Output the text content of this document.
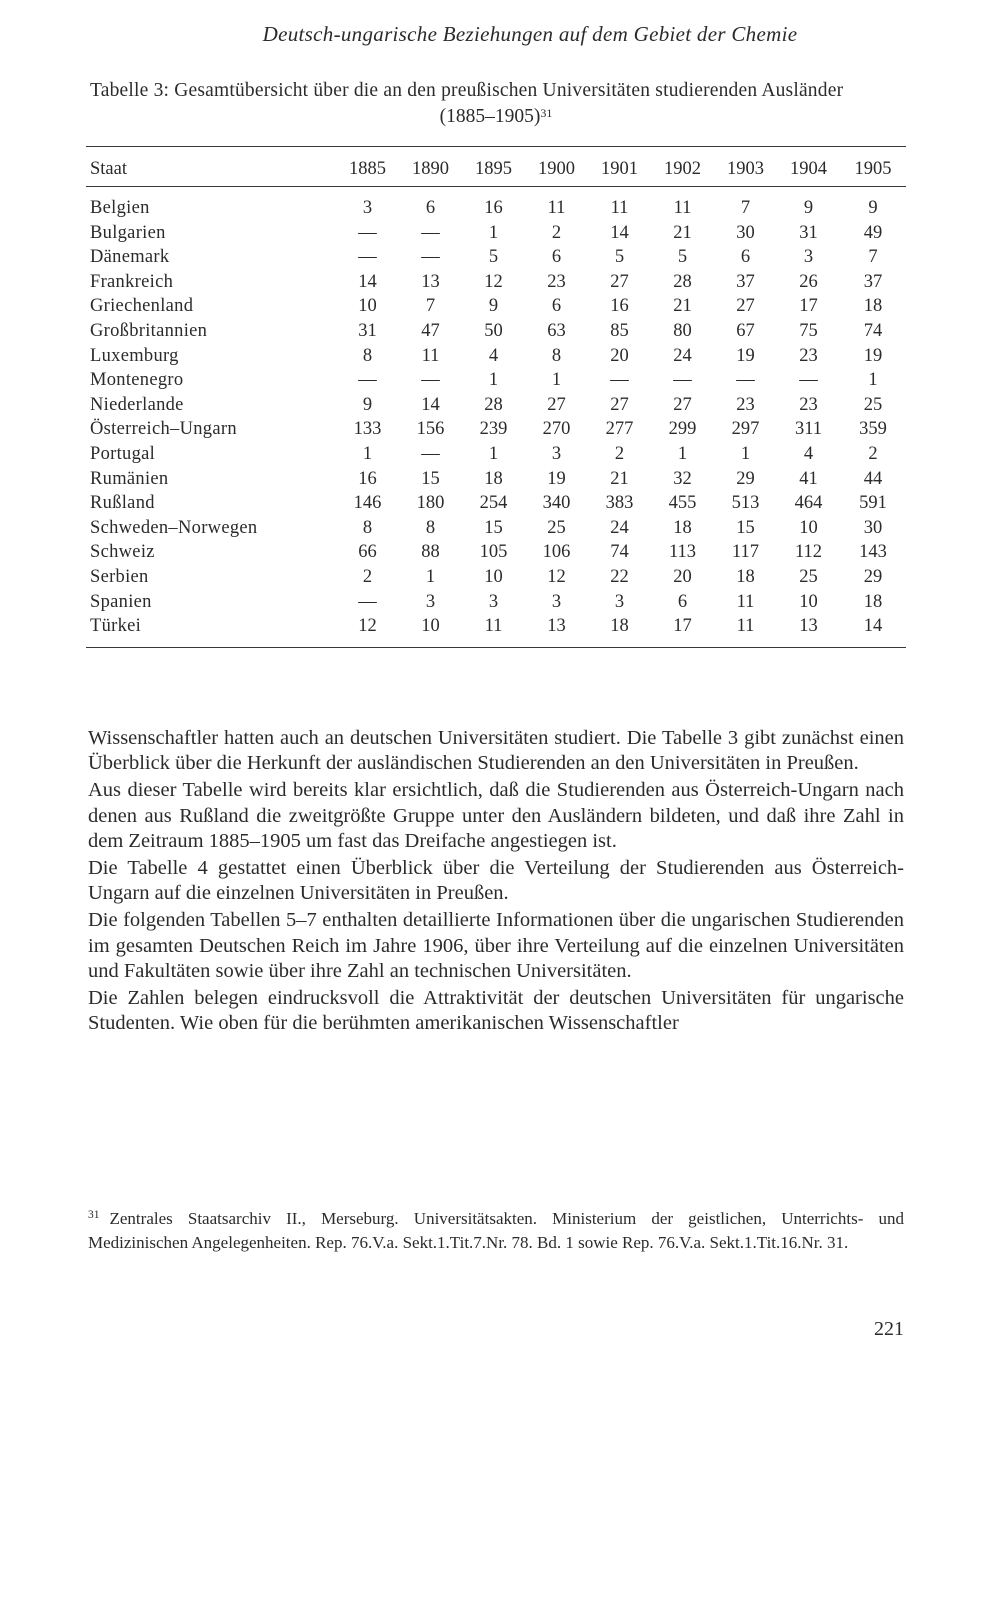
Deutsch-ungarische Beziehungen auf dem Gebiet der Chemie
Tabelle 3: Gesamtübersicht über die an den preußischen Universitäten studierenden Ausländer
(1885–1905)$^{31}$
Staat	1885	1890	1895	1900	1901	1902	1903	1904	1905
Belgien	3	6	16	11	11	11	7	9	9
Bulgarien	—	—	1	2	14	21	30	31	49
Dänemark	—	—	5	6	5	5	6	3	7
Frankreich	14	13	12	23	27	28	37	26	37
Griechenland	10	7	9	6	16	21	27	17	18
Großbritannien	31	47	50	63	85	80	67	75	74
Luxemburg	8	11	4	8	20	24	19	23	19
Montenegro	—	—	1	1	—	—	—	—	1
Niederlande	9	14	28	27	27	27	23	23	25
Österreich–Ungarn	133	156	239	270	277	299	297	311	359
Portugal	1	—	1	3	2	1	1	4	2
Rumänien	16	15	18	19	21	32	29	41	44
Rußland	146	180	254	340	383	455	513	464	591
Schweden–Norwegen	8	8	15	25	24	18	15	10	30
Schweiz	66	88	105	106	74	113	117	112	143
Serbien	2	1	10	12	22	20	18	25	29
Spanien	—	3	3	3	3	6	11	10	18
Türkei	12	10	11	13	18	17	11	13	14

Wissenschaftler hatten auch an deutschen Universitäten studiert. Die Tabelle 3 gibt zunächst einen Überblick über die Herkunft der ausländischen Studierenden an den Universitäten in Preußen.

Aus dieser Tabelle wird bereits klar ersichtlich, daß die Studierenden aus Österreich-Ungarn nach denen aus Rußland die zweitgrößte Gruppe unter den Ausländern bildeten, und daß ihre Zahl in dem Zeitraum 1885–1905 um fast das Dreifache angestiegen ist.

Die Tabelle 4 gestattet einen Überblick über die Verteilung der Studierenden aus Österreich-Ungarn auf die einzelnen Universitäten in Preußen.

Die folgenden Tabellen 5–7 enthalten detaillierte Informationen über die ungarischen Studierenden im gesamten Deutschen Reich im Jahre 1906, über ihre Verteilung auf die einzelnen Universitäten und Fakultäten sowie über ihre Zahl an technischen Universitäten.

Die Zahlen belegen eindrucksvoll die Attraktivität der deutschen Universitäten für ungarische Studenten. Wie oben für die berühmten amerikanischen Wissenschaftler

$^{31}$ Zentrales Staatsarchiv II., Merseburg. Universitätsakten. Ministerium der geistlichen, Unterrichts- und Medizinischen Angelegenheiten. Rep. 76.V.a. Sekt.1.Tit.7.Nr. 78. Bd. 1 sowie Rep. 76.V.a. Sekt.1.Tit.16.Nr. 31.
221
